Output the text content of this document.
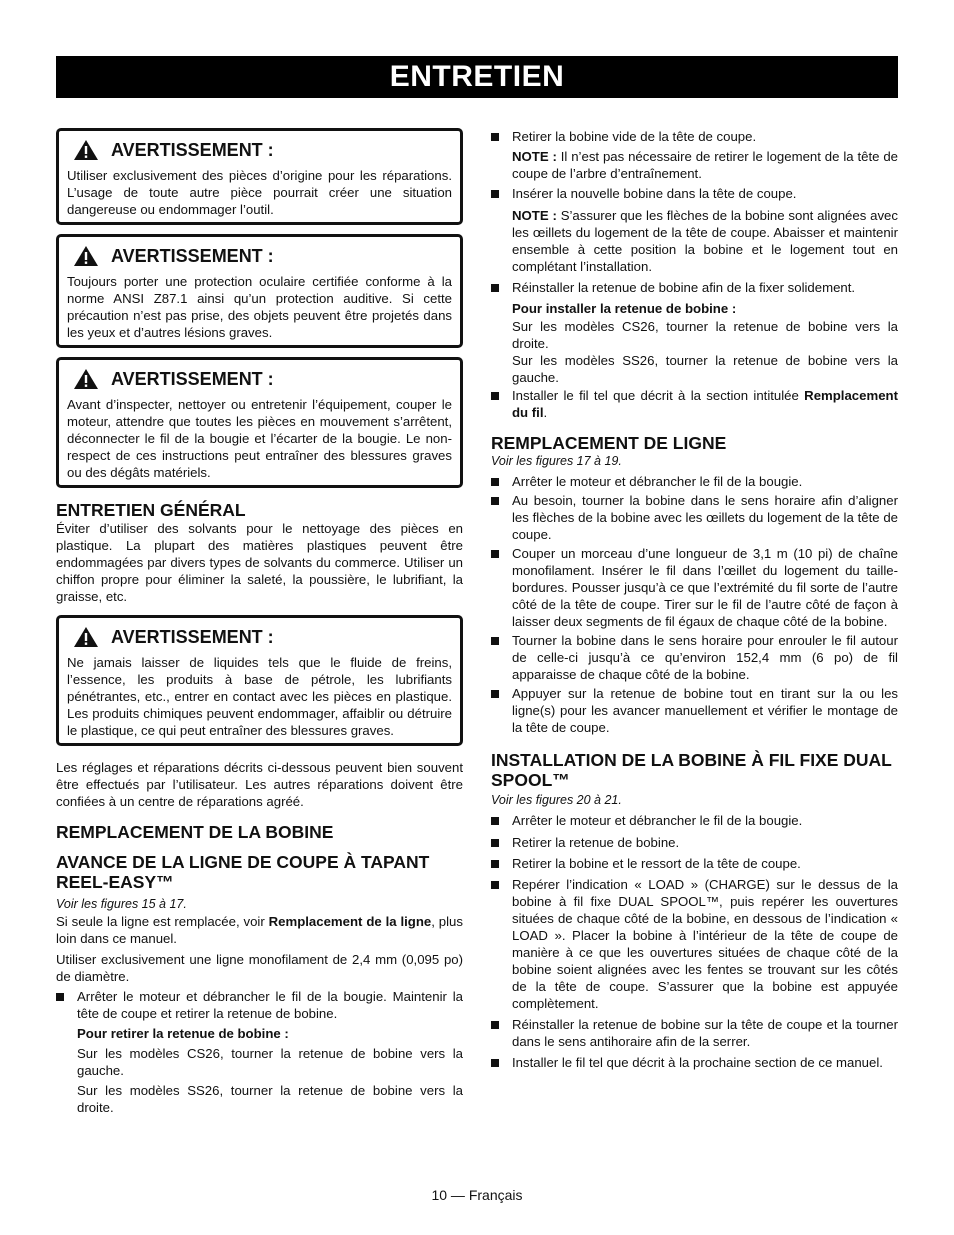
ENTRETIEN
AVERTISSEMENT :

Utiliser exclusivement des pièces d’origine pour les réparations. L’usage de toute autre pièce pourrait créer une situation dangereuse ou endommager l’outil.

AVERTISSEMENT :

Toujours porter une protection oculaire certifiée conforme à la norme ANSI Z87.1 ainsi qu’un protection auditive. Si cette précaution n’est pas prise, des objets peuvent être projetés dans les yeux et d’autres lésions graves.

AVERTISSEMENT :

Avant d’inspecter, nettoyer ou entretenir l’équipement, couper le moteur, attendre que toutes les pièces en mouvement s’arrêtent, déconnecter le fil de la bougie et l’écarter de la bougie. Le non-respect de ces instructions peut entraîner des blessures graves ou des dégâts matériels.

ENTRETIEN GÉNÉRAL

Éviter d’utiliser des solvants pour le nettoyage des pièces en plastique. La plupart des matières plastiques peuvent être endommagées par divers types de solvants du commerce. Utiliser un chiffon propre pour éliminer la saleté, la poussière, le lubrifiant, la graisse, etc.

AVERTISSEMENT :

Ne jamais laisser de liquides tels que le fluide de freins, l’essence, les produits à base de pétrole, les lubrifiants pénétrantes, etc., entrer en contact avec les pièces en plastique. Les produits chimiques peuvent endommager, affaiblir ou détruire le plastique, ce qui peut entraîner des blessures graves.

Les réglages et réparations décrits ci-dessous peuvent bien souvent être effectués par l’utilisateur. Les autres réparations doivent être confiées à un centre de réparations agréé.

REMPLACEMENT DE LA BOBINE
AVANCE DE LA LIGNE DE COUPE À TAPANT REEL-EASY™

Voir les figures 15 à 17.

Si seule la ligne est remplacée, voir Remplacement de la ligne, plus loin dans ce manuel.

Utiliser exclusivement une ligne monofilament de 2,4 mm (0,095 po) de diamètre.

Arrêter le moteur et débrancher le fil de la bougie. Maintenir la tête de coupe et retirer la retenue de bobine.
Pour retirer la retenue de bobine :
Sur les modèles CS26, tourner la retenue de bobine vers la gauche.
Sur les modèles SS26, tourner la retenue de bobine vers la droite.
Retirer la bobine vide de la tête de coupe.
NOTE : Il n’est pas nécessaire de retirer le logement de la tête de coupe de l’arbre d’entraînement.
Insérer la nouvelle bobine dans la tête de coupe.
NOTE : S’assurer que les flèches de la bobine sont alignées avec les œillets du logement de la tête de coupe. Abaisser et maintenir ensemble à cette position la bobine et le logement tout en complétant l’installation.
Réinstaller la retenue de bobine afin de la fixer solidement.
Pour installer la retenue de bobine :
Sur les modèles CS26, tourner la retenue de bobine vers la droite.
Sur les modèles SS26, tourner la retenue de bobine vers la gauche.
Installer le fil tel que décrit à la section intitulée Remplacement du fil.
REMPLACEMENT DE LIGNE

Voir les figures 17 à 19.

Arrêter le moteur et débrancher le fil de la bougie.
Au besoin, tourner la bobine dans le sens horaire afin d’aligner les flèches de la bobine avec les œillets du logement de la tête de coupe.
Couper un morceau d’une longueur de 3,1 m (10 pi) de chaîne monofilament. Insérer le fil dans l’œillet du logement du taille-bordures. Pousser jusqu’à ce que l’extrémité du fil sorte de l’autre côté de la tête de coupe. Tirer sur le fil de l’autre côté de façon à laisser deux segments de fil égaux de chaque côté de la bobine.
Tourner la bobine dans le sens horaire pour enrouler le fil autour de celle-ci jusqu’à ce qu’environ 152,4 mm (6 po) de fil apparaisse de chaque côté de la bobine.
Appuyer sur la retenue de bobine tout en tirant sur la ou les ligne(s) pour les avancer manuellement et vérifier le montage de la tête de coupe.
INSTALLATION DE LA BOBINE À FIL FIXE DUAL SPOOL™

Voir les figures 20 à 21.

Arrêter le moteur et débrancher le fil de la bougie.
Retirer la retenue de bobine.
Retirer la bobine et le ressort de la tête de coupe.
Repérer l’indication « LOAD » (CHARGE) sur le dessus de la bobine à fil fixe DUAL SPOOL™, puis repérer les ouvertures situées de chaque côté de la bobine, en dessous de l’indication « LOAD ». Placer la bobine à l’intérieur de la tête de coupe de manière à ce que les ouvertures situées de chaque côté de la bobine soient alignées avec les fentes se trouvant sur les côtés de la tête de coupe. S’assurer que la bobine est appuyée complètement.
Réinstaller la retenue de bobine sur la tête de coupe et la tourner dans le sens antihoraire afin de la serrer.
Installer le fil tel que décrit à la prochaine section de ce manuel.
10 — Français
